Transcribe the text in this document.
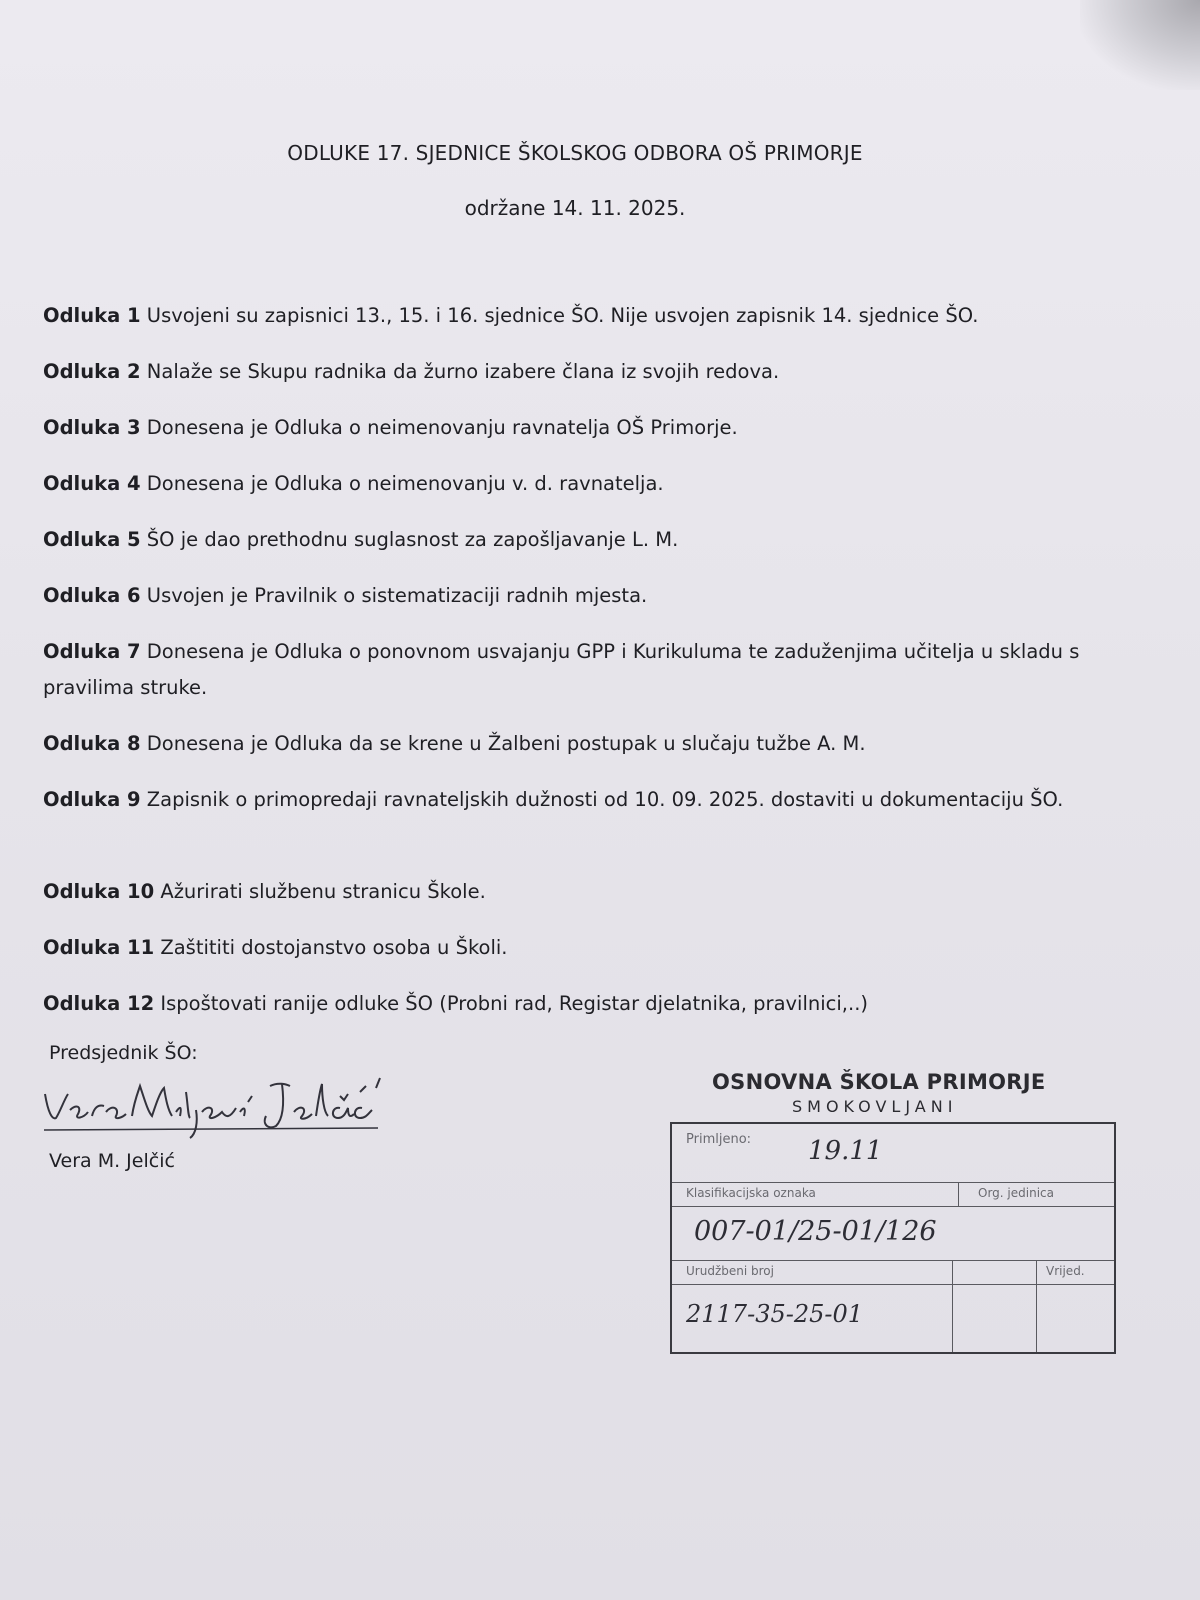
ODLUKE 17. SJEDNICE ŠKOLSKOG ODBORA OŠ PRIMORJE
održane 14. 11. 2025.
Odluka 1 Usvojeni su zapisnici 13., 15. i 16. sjednice ŠO. Nije usvojen zapisnik 14. sjednice ŠO.
Odluka 2 Nalaže se Skupu radnika da žurno izabere člana iz svojih redova.
Odluka 3 Donesena je Odluka o neimenovanju ravnatelja OŠ Primorje.
Odluka 4 Donesena je Odluka o neimenovanju v. d. ravnatelja.
Odluka 5 ŠO je dao prethodnu suglasnost za zapošljavanje L. M.
Odluka 6 Usvojen je Pravilnik o sistematizaciji radnih mjesta.
Odluka 7 Donesena je Odluka o ponovnom usvajanju GPP i Kurikuluma te zaduženjima učitelja u skladu s pravilima struke.
Odluka 8 Donesena je Odluka da se krene u Žalbeni postupak u slučaju tužbe A. M.
Odluka 9 Zapisnik o primopredaji ravnateljskih dužnosti od 10. 09. 2025. dostaviti u dokumentaciju ŠO.
Odluka 10 Ažurirati službenu stranicu Škole.
Odluka 11 Zaštititi dostojanstvo osoba u Školi.
Odluka 12 Ispoštovati ranije odluke ŠO (Probni rad, Registar djelatnika, pravilnici,..)
Predsjednik ŠO:
Vera M. Jelčić
OSNOVNA ŠKOLA PRIMORJE
SMOKOVLJANI
Primljeno: 19.11
Klasifikacijska oznaka	Org. jedinica
007-01/25-01/126
Urudžbeni broj	Vrijed.
2117-35-25-01
